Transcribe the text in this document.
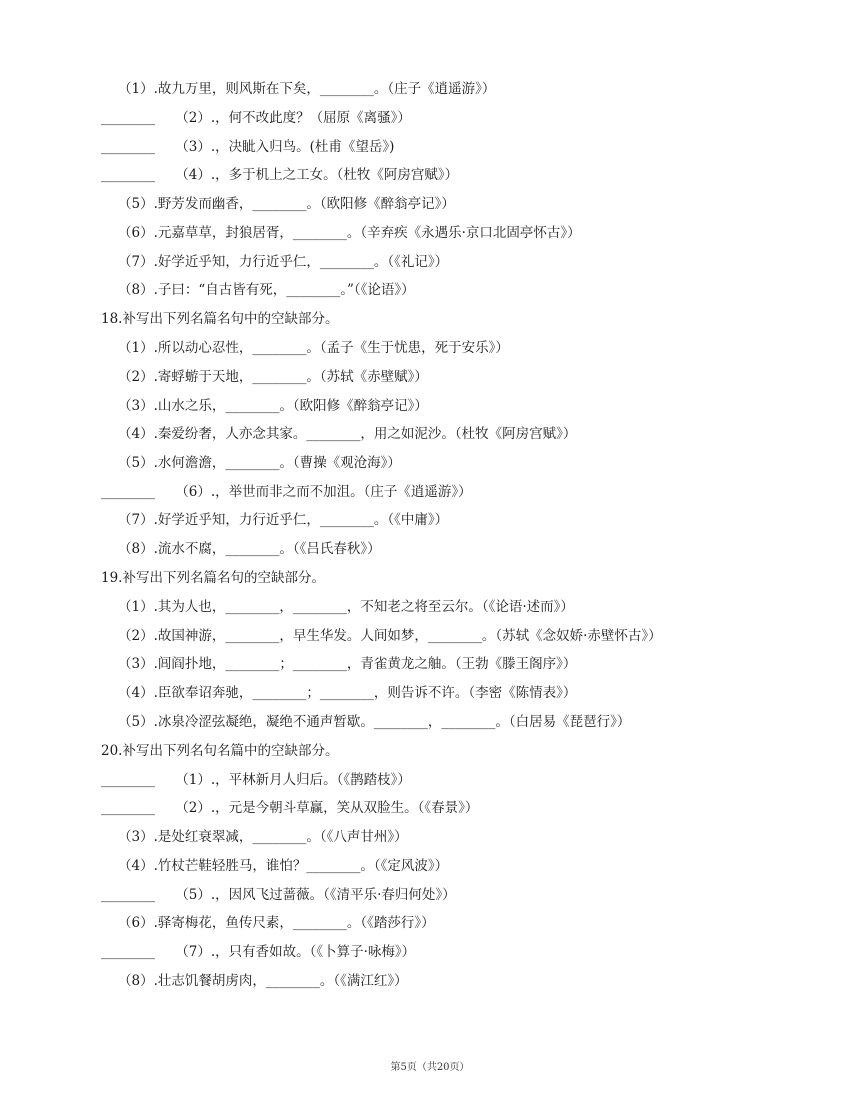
（1）.故九万里，则风斯在下矣，________。（庄子《逍遥游》）
________　　（2）.，何不改此度？（屈原《离骚》）
________　　（3）.，决眦入归鸟。(杜甫《望岳》)
________　　（4）.，多于机上之工女。（杜牧《阿房宫赋》）
（5）.野芳发而幽香，________。（欧阳修《醉翁亭记》）
（6）.元嘉草草，封狼居胥，________。（辛弃疾《永遇乐·京口北固亭怀古》）
（7）.好学近乎知，力行近乎仁，________。（《礼记》）
（8）.子曰：“自古皆有死，________。”（《论语》）
18.补写出下列名篇名句中的空缺部分。
（1）.所以动心忍性，________。（孟子《生于忧患，死于安乐》）
（2）.寄蜉蝣于天地，________。（苏轼《赤壁赋》）
（3）.山水之乐，________。（欧阳修《醉翁亭记》）
（4）.秦爱纷奢，人亦念其家。________，用之如泥沙。（杜牧《阿房宫赋》）
（5）.水何澹澹，________。（曹操《观沧海》）
________　　（6）.，举世而非之而不加沮。（庄子《逍遥游》）
（7）.好学近乎知，力行近乎仁，________。（《中庸》）
（8）.流水不腐，________。（《吕氏春秋》）
19.补写出下列名篇名句的空缺部分。
（1）.其为人也，________，________，不知老之将至云尔。（《论语·述而》）
（2）.故国神游，________，早生华发。人间如梦，________。（苏轼《念奴娇·赤壁怀古》）
（3）.闾阎扑地，________；________，青雀黄龙之舳。（王勃《滕王阁序》）
（4）.臣欲奉诏奔驰，________；________，则告诉不许。（李密《陈情表》）
（5）.冰泉冷涩弦凝绝，凝绝不通声暂歇。________，________。（白居易《琵琶行》）
20.补写出下列名句名篇中的空缺部分。
________　　（1）.，平林新月人归后。（《鹊踏枝》）
________　　（2）.，元是今朝斗草赢，笑从双脸生。（《春景》）
（3）.是处红衰翠减，________。（《八声甘州》）
（4）.竹杖芒鞋轻胜马，谁怕？________。（《定风波》）
________　　（5）.，因风飞过蔷薇。（《清平乐·春归何处》）
（6）.驿寄梅花，鱼传尺素，________。（《踏莎行》）
________　　（7）.，只有香如故。（《卜算子·咏梅》）
（8）.壮志饥餐胡虏肉，________。（《满江红》）
第5页（共20页）
